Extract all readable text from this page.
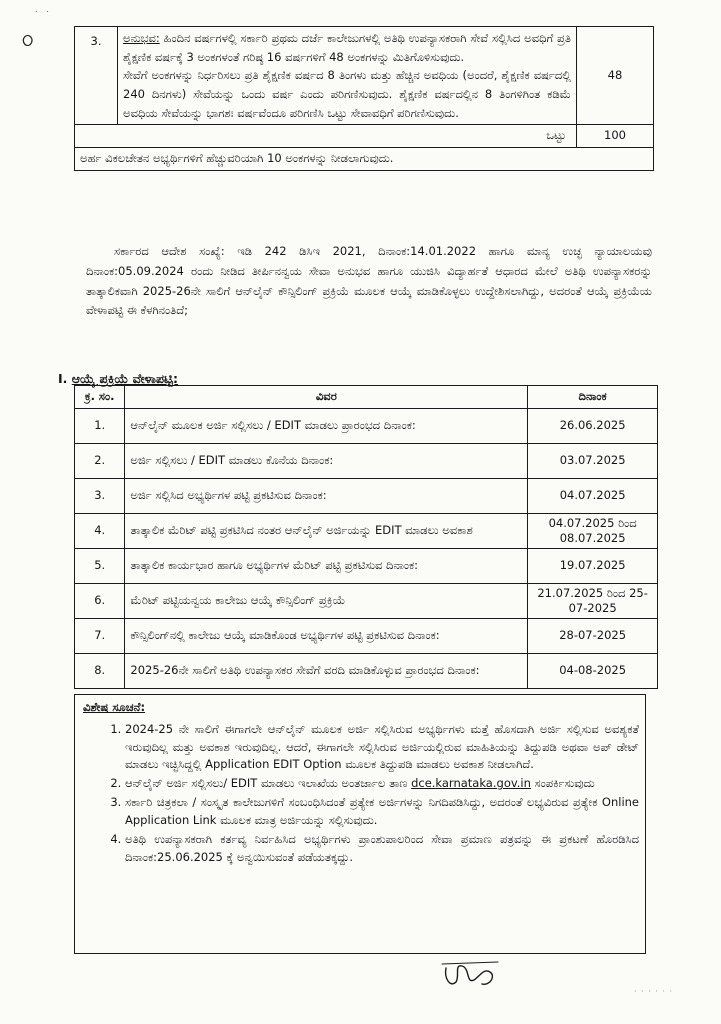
ଠ
˙ ˙
3.	ಅನುಭವ: ಹಿಂದಿನ ವರ್ಷಗಳಲ್ಲಿ ಸರ್ಕಾರಿ ಪ್ರಥಮ ದರ್ಜೆ ಕಾಲೇಜುಗಳಲ್ಲಿ ಅತಿಥಿ ಉಪನ್ಯಾಸಕರಾಗಿ ಸೇವೆ ಸಲ್ಲಿಸಿದ ಅವಧಿಗೆ ಪ್ರತಿ ಶೈಕ್ಷಣಿಕ ವರ್ಷಕ್ಕೆ 3 ಅಂಕಗಳಂತೆ ಗರಿಷ್ಠ 16 ವರ್ಷಗಳಿಗೆ 48 ಅಂಕಗಳನ್ನು ಮಿತಿಗೊಳಿಸುವುದು.

ಸೇವೆಗೆ ಅಂಕಗಳನ್ನು ನಿರ್ಧರಿಸಲು ಪ್ರತಿ ಶೈಕ್ಷಣಿಕ ವರ್ಷದ 8 ತಿಂಗಳು ಮತ್ತು ಹೆಚ್ಚಿನ ಅವಧಿಯ (ಅಂದರೆ, ಶೈಕ್ಷಣಿಕ ವರ್ಷದಲ್ಲಿ 240 ದಿನಗಳು) ಸೇವೆಯನ್ನು ಒಂದು ವರ್ಷ ಎಂದು ಪರಿಗಣಿಸುವುದು. ಶೈಕ್ಷಣಿಕ ವರ್ಷದಲ್ಲಿನ 8 ತಿಂಗಳಿಗಿಂತ ಕಡಿಮೆ ಅವಧಿಯ ಸೇವೆಯನ್ನು ಭಾಗಶಃ ವರ್ಷವೆಂದೂ ಪರಿಗಣಿಸಿ ಒಟ್ಟು ಸೇವಾವಧಿಗೆ ಪರಿಗಣಿಸುವುದು.	48
ಒಟ್ಟು		100
ಅರ್ಹ ವಿಕಲಚೇತನ ಅಭ್ಯರ್ಥಿಗಳಿಗೆ ಹೆಚ್ಚುವರಿಯಾಗಿ 10 ಅಂಕಗಳನ್ನು ನೀಡಲಾಗುವುದು.		

ಸರ್ಕಾರದ ಆದೇಶ ಸಂಖ್ಯೆ: ಇಡಿ 242 ಡಿಸಿಇ 2021, ದಿನಾಂಕ:14.01.2022 ಹಾಗೂ ಮಾನ್ಯ ಉಚ್ಛ ನ್ಯಾಯಾಲಯವು ದಿನಾಂಕ:05.09.2024 ರಂದು ನೀಡಿದ ತೀರ್ಪಿನನ್ವಯ ಸೇವಾ ಅನುಭವ ಹಾಗೂ ಯುಜಿಸಿ ವಿದ್ಯಾರ್ಹತೆ ಆಧಾರದ ಮೇಲೆ ಅತಿಥಿ ಉಪನ್ಯಾಸಕರನ್ನು ತಾತ್ಕಾಲಿಕವಾಗಿ 2025-26ನೇ ಸಾಲಿಗೆ ಆನ್‌ಲೈನ್ ಕೌನ್ಸಿಲಿಂಗ್ ಪ್ರಕ್ರಿಯೆ ಮೂಲಕ ಆಯ್ಕೆ ಮಾಡಿಕೊಳ್ಳಲು ಉದ್ದೇಶಿಸಲಾಗಿದ್ದು, ಅದರಂತೆ ಆಯ್ಕೆ ಪ್ರಕ್ರಿಯೆಯ ವೇಳಾಪಟ್ಟಿ ಈ ಕೆಳಗಿನಂತಿದೆ;

I. ಆಯ್ಕೆ ಪ್ರಕ್ರಿಯೆ ವೇಳಾಪಟ್ಟಿ:
ಕ್ರ. ಸಂ.	ವಿವರ	ದಿನಾಂಕ
1.	ಆನ್‌ಲೈನ್ ಮೂಲಕ ಅರ್ಜಿ ಸಲ್ಲಿಸಲು / EDIT ಮಾಡಲು ಪ್ರಾರಂಭದ ದಿನಾಂಕ:	26.06.2025
2.	ಅರ್ಜಿ ಸಲ್ಲಿಸಲು / EDIT ಮಾಡಲು ಕೊನೆಯ ದಿನಾಂಕ:	03.07.2025
3.	ಅರ್ಜಿ ಸಲ್ಲಿಸಿದ ಅಭ್ಯರ್ಥಿಗಳ ಪಟ್ಟಿ ಪ್ರಕಟಿಸುವ ದಿನಾಂಕ:	04.07.2025
4.	ತಾತ್ಕಾಲಿಕ ಮೆರಿಟ್ ಪಟ್ಟಿ ಪ್ರಕಟಿಸಿದ ನಂತರ ಆನ್‌ಲೈನ್ ಅರ್ಜಿಯನ್ನು EDIT ಮಾಡಲು ಅವಕಾಶ	04.07.2025 ರಿಂದ 08.07.2025
5.	ತಾತ್ಕಾಲಿಕ ಕಾರ್ಯಭಾರ ಹಾಗೂ ಅಭ್ಯರ್ಥಿಗಳ ಮೆರಿಟ್ ಪಟ್ಟಿ ಪ್ರಕಟಿಸುವ ದಿನಾಂಕ:	19.07.2025
6.	ಮೆರಿಟ್ ಪಟ್ಟಿಯನ್ವಯ ಕಾಲೇಜು ಆಯ್ಕೆ ಕೌನ್ಸಿಲಿಂಗ್ ಪ್ರಕ್ರಿಯೆ	21.07.2025 ರಿಂದ 25-07-2025
7.	ಕೌನ್ಸಿಲಿಂಗ್‌ನಲ್ಲಿ ಕಾಲೇಜು ಆಯ್ಕೆ ಮಾಡಿಕೊಂಡ ಅಭ್ಯರ್ಥಿಗಳ ಪಟ್ಟಿ ಪ್ರಕಟಿಸುವ ದಿನಾಂಕ:	28-07-2025
8.	2025-26ನೇ ಸಾಲಿಗೆ ಅತಿಥಿ ಉಪನ್ಯಾಸಕರ ಸೇವೆಗೆ ವರದಿ ಮಾಡಿಕೊಳ್ಳುವ ಪ್ರಾರಂಭದ ದಿನಾಂಕ:	04-08-2025

ವಿಶೇಷ ಸೂಚನೆ:

1. 2024-25 ನೇ ಸಾಲಿಗೆ ಈಗಾಗಲೇ ಆನ್‌ಲೈನ್ ಮೂಲಕ ಅರ್ಜಿ ಸಲ್ಲಿಸಿರುವ ಅಭ್ಯರ್ಥಿಗಳು ಮತ್ತೆ ಹೊಸದಾಗಿ ಅರ್ಜಿ ಸಲ್ಲಿಸುವ ಅವಶ್ಯಕತೆ ಇರುವುದಿಲ್ಲ ಮತ್ತು ಅವಕಾಶ ಇರುವುದಿಲ್ಲ. ಆದರೆ, ಈಗಾಗಲೇ ಸಲ್ಲಿಸಿರುವ ಅರ್ಜಿಯಲ್ಲಿರುವ ಮಾಹಿತಿಯನ್ನು ತಿದ್ದುಪಡಿ ಅಥವಾ ಅಪ್ ಡೇಟ್ ಮಾಡಲು ಇಚ್ಛಿಸಿದ್ದಲ್ಲಿ Application EDIT Option ಮೂಲಕ ತಿದ್ದುಪಡಿ ಮಾಡಲು ಅವಕಾಶ ನೀಡಲಾಗಿದೆ.
2. ಆನ್‌ಲೈನ್ ಅರ್ಜಿ ಸಲ್ಲಿಸಲು/ EDIT ಮಾಡಲು ಇಲಾಖೆಯ ಅಂತರ್ಜಾಲ ತಾಣ dce.karnataka.gov.in ಸಂಪರ್ಕಿಸುವುದು
3. ಸರ್ಕಾರಿ ಚಿತ್ರಕಲಾ / ಸಂಸ್ಕೃತ ಕಾಲೇಜುಗಳಿಗೆ ಸಂಬಂಧಿಸಿದಂತೆ ಪ್ರತ್ಯೇಕ ಅರ್ಜಿಗಳನ್ನು ನಿಗದಿಪಡಿಸಿದ್ದು, ಅದರಂತೆ ಲಭ್ಯವಿರುವ ಪ್ರತ್ಯೇಕ Online Application Link ಮೂಲಕ ಮಾತ್ರ ಅರ್ಜಿಯನ್ನು ಸಲ್ಲಿಸುವುದು.
4. ಅತಿಥಿ ಉಪನ್ಯಾಸಕರಾಗಿ ಕರ್ತವ್ಯ ನಿರ್ವಹಿಸಿದ ಅಭ್ಯರ್ಥಿಗಳು ಪ್ರಾಂಶುಪಾಲರಿಂದ ಸೇವಾ ಪ್ರಮಾಣ ಪತ್ರವನ್ನು ಈ ಪ್ರಕಟಣೆ ಹೊರಡಿಸಿದ ದಿನಾಂಕ:25.06.2025 ಕ್ಕೆ ಅನ್ವಯಿಸುವಂತೆ ಪಡೆಯತಕ್ಕದ್ದು.
· · · · · ·
